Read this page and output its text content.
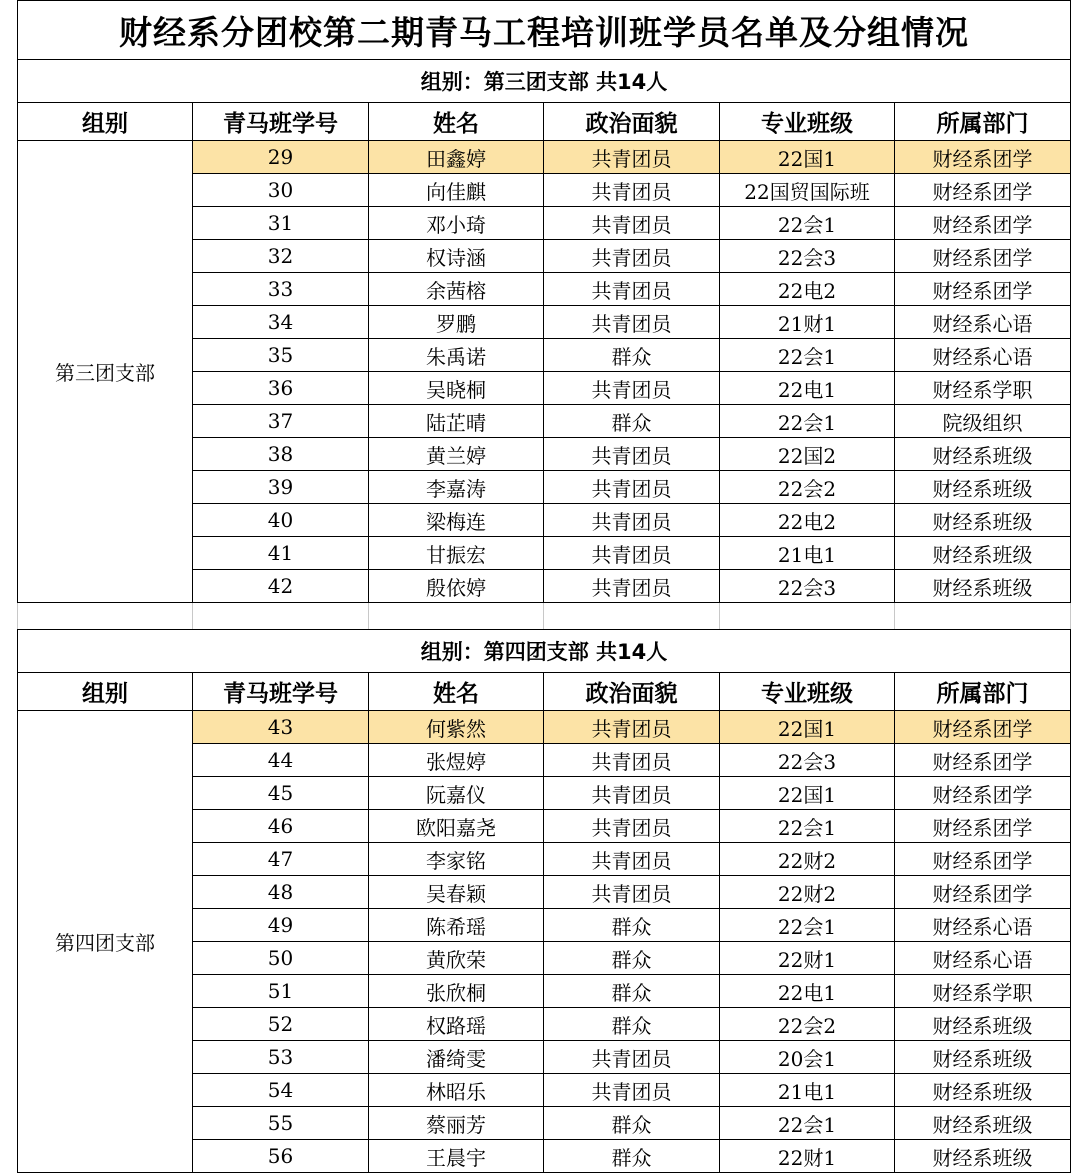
财经系分团校第二期青马工程培训班学员名单及分组情况					
组别：第三团支部 共14人					
组别	青马班学号	姓名	政治面貌	专业班级	所属部门
第三团支部	29	田鑫婷	共青团员	22国1	财经系团学
	30	向佳麒	共青团员	22国贸国际班	财经系团学
	31	邓小琦	共青团员	22会1	财经系团学
	32	权诗涵	共青团员	22会3	财经系团学
	33	余茜榕	共青团员	22电2	财经系团学
	34	罗鹏	共青团员	21财1	财经系心语
	35	朱禹诺	群众	22会1	财经系心语
	36	吴晓桐	共青团员	22电1	财经系学职
	37	陆芷晴	群众	22会1	院级组织
	38	黄兰婷	共青团员	22国2	财经系班级
	39	李嘉涛	共青团员	22会2	财经系班级
	40	梁梅连	共青团员	22电2	财经系班级
	41	甘振宏	共青团员	21电1	财经系班级
	42	殷依婷	共青团员	22会3	财经系班级

组别：第四团支部 共14人					
组别	青马班学号	姓名	政治面貌	专业班级	所属部门
第四团支部	43	何紫然	共青团员	22国1	财经系团学
	44	张煜婷	共青团员	22会3	财经系团学
	45	阮嘉仪	共青团员	22国1	财经系团学
	46	欧阳嘉尧	共青团员	22会1	财经系团学
	47	李家铭	共青团员	22财2	财经系团学
	48	吴春颖	共青团员	22财2	财经系团学
	49	陈希瑶	群众	22会1	财经系心语
	50	黄欣荣	群众	22财1	财经系心语
	51	张欣桐	群众	22电1	财经系学职
	52	权路瑶	群众	22会2	财经系班级
	53	潘绮雯	共青团员	20会1	财经系班级
	54	林昭乐	共青团员	21电1	财经系班级
	55	蔡丽芳	群众	22会1	财经系班级
	56	王晨宇	群众	22财1	财经系班级
